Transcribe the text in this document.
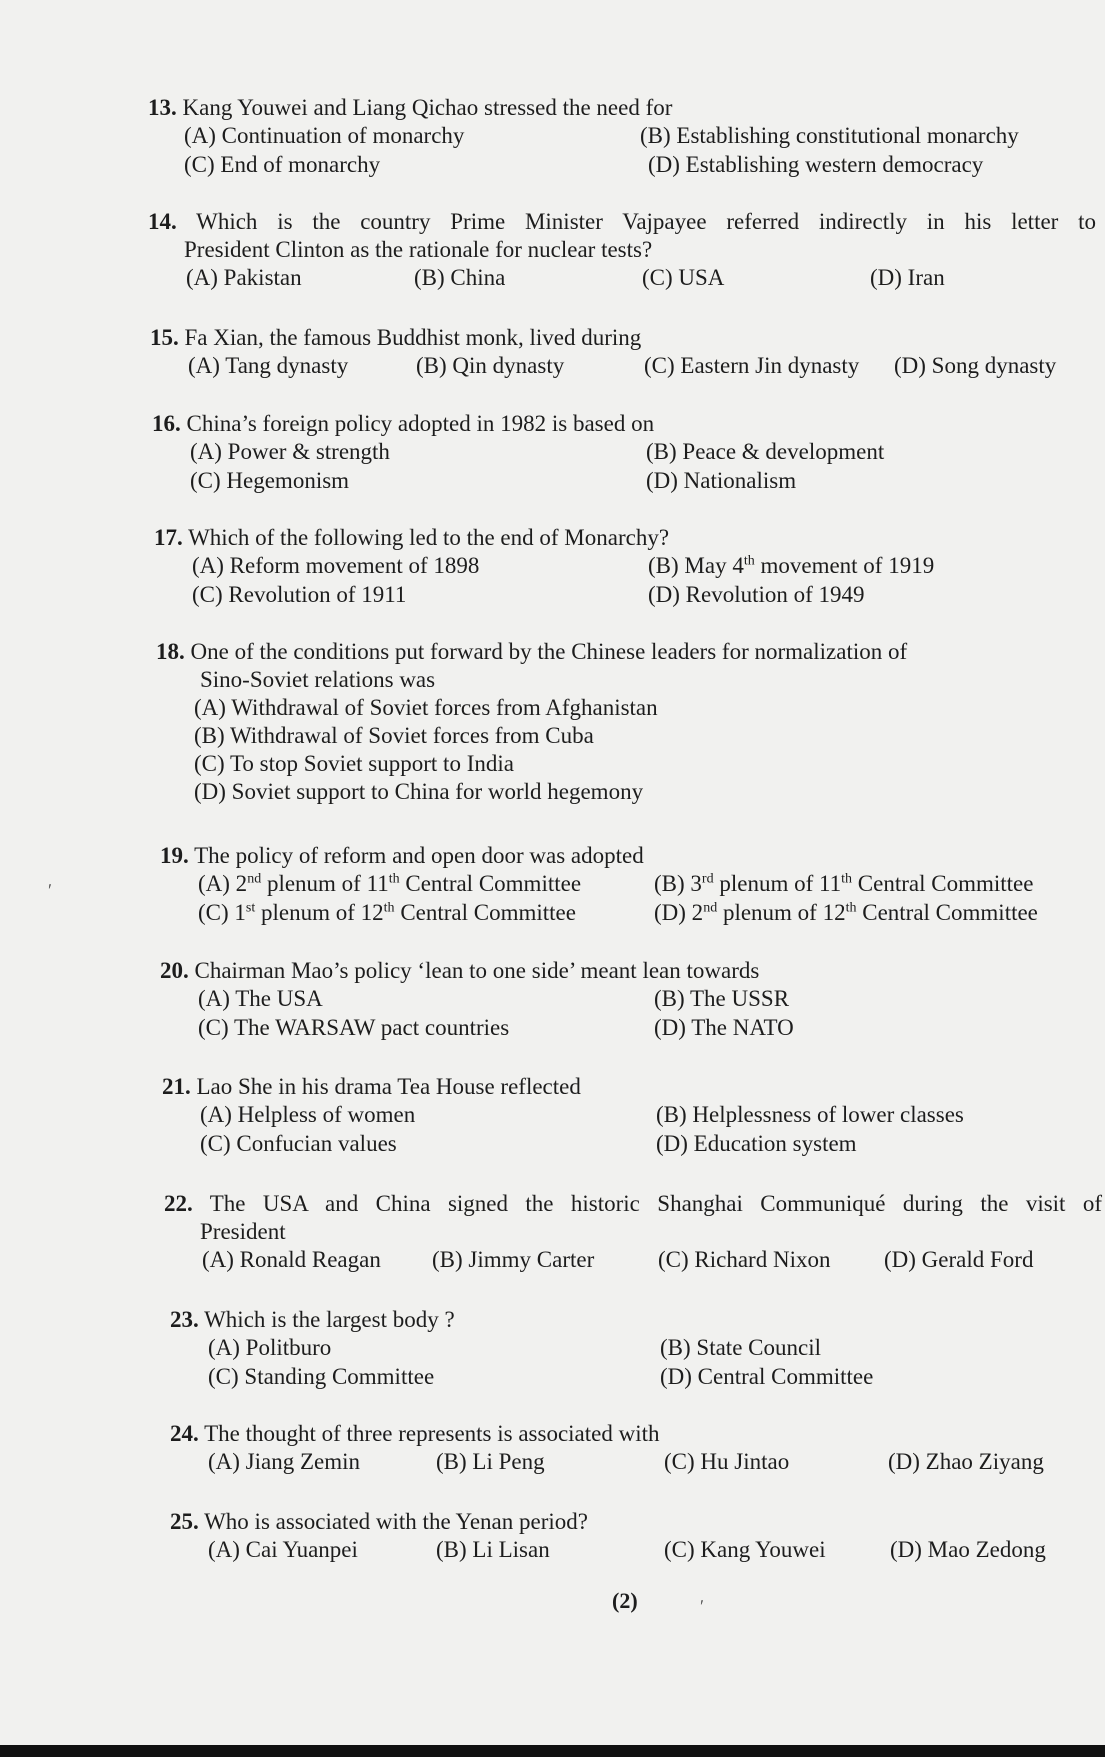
13. Kang Youwei and Liang Qichao stressed the need for
(A) Continuation of monarchy	(B) Establishing constitutional monarchy
(C) End of monarchy	(D) Establishing western democracy
14. Which is the country Prime Minister Vajpayee referred indirectly in his letter to
President Clinton as the rationale for nuclear tests?
(A) Pakistan	(B) China	(C) USA	(D) Iran
15. Fa Xian, the famous Buddhist monk, lived during
(A) Tang dynasty	(B) Qin dynasty	(C) Eastern Jin dynasty (D) Song dynasty
16. China’s foreign policy adopted in 1982 is based on
(A) Power & strength	(B) Peace & development
(C) Hegemonism	(D) Nationalism
17. Which of the following led to the end of Monarchy?
(A) Reform movement of 1898	(B) May 4th movement of 1919
(C) Revolution of 1911	(D) Revolution of 1949
18. One of the conditions put forward by the Chinese leaders for normalization of
Sino-Soviet relations was
(A) Withdrawal of Soviet forces from Afghanistan
(B) Withdrawal of Soviet forces from Cuba
(C) To stop Soviet support to India
(D) Soviet support to China for world hegemony
19. The policy of reform and open door was adopted
(A) 2nd plenum of 11th Central Committee	(B) 3rd plenum of 11th Central Committee
(C) 1st plenum of 12th Central Committee	(D) 2nd plenum of 12th Central Committee
20. Chairman Mao’s policy ‘lean to one side’ meant lean towards
(A) The USA	(B) The USSR
(C) The WARSAW pact countries	(D) The NATO
21. Lao She in his drama Tea House reflected
(A) Helpless of women	(B) Helplessness of lower classes
(C) Confucian values	(D) Education system
22. The USA and China signed the historic Shanghai Communiqué during the visit of
President
(A) Ronald Reagan (B) Jimmy Carter	(C) Richard Nixon (D) Gerald Ford
23. Which is the largest body ?
(A) Politburo	(B) State Council
(C) Standing Committee	(D) Central Committee
24. The thought of three represents is associated with
(A) Jiang Zemin	(B) Li Peng	(C) Hu Jintao	(D) Zhao Ziyang
25. Who is associated with the Yenan period?
(A) Cai Yuanpei	(B) Li Lisan	(C) Kang Youwei	(D) Mao Zedong
(2)
ʹ
ʹ
